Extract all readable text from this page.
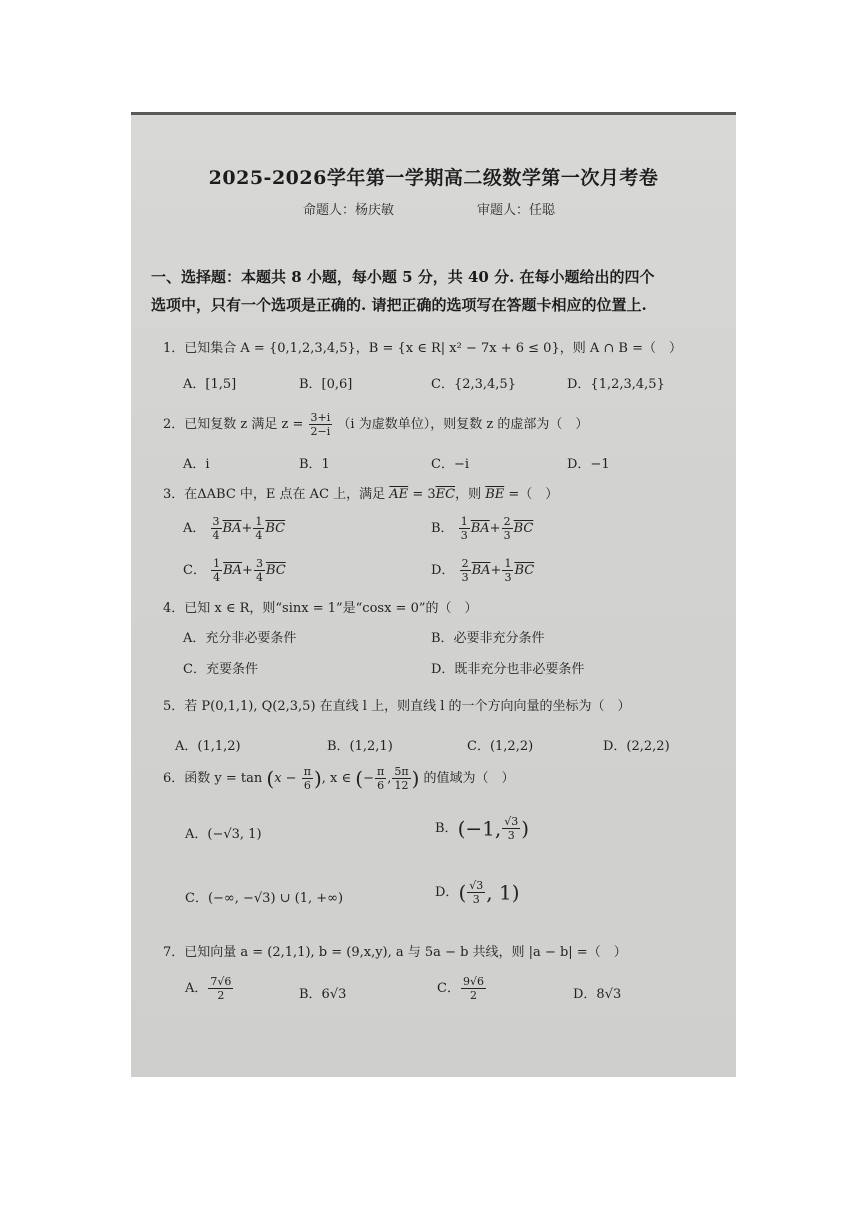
2025-2026学年第一学期高二级数学第一次月考卷
命题人：杨庆敏	审题人：任聪
一、选择题：本题共 8 小题，每小题 5 分，共 40 分. 在每小题给出的四个
选项中，只有一个选项是正确的. 请把正确的选项写在答题卡相应的位置上.
1．已知集合 A = {0,1,2,3,4,5}，B = {x ∈ R| x² − 7x + 6 ≤ 0}，则 A ∩ B =（　）
A．[1,5]	B．[0,6]	C．{2,3,4,5}	D．{1,2,3,4,5}
2．已知复数 z 满足 $z = \frac{3+i}{2-i} (i$ 为虚数单位），则复数 z 的虚部为（　）
A．i	B．1	C．−i	D．−1
3．在ΔABC 中，E 点在 AC 上，满足 $\overline{AE} = 3\overline{EC}$，则 $\overline{BE}$ =（　）
A． $\frac{3}{4} \overline{BA}+ \frac{1}{4} \overline{BC}$	B． $\frac{1}{3} \overline{BA}+ \frac{2}{3} \overline{BC}$
C． $\frac{1}{4} \overline{BA}+ \frac{3}{4} \overline{BC}$	D． $\frac{2}{3} \overline{BA}+ \frac{1}{3} \overline{BC}$
4．已知 x ∈ R，则“sinx = 1”是“cosx = 0”的（　）
A．充分非必要条件	B．必要非充分条件
C．充要条件	D．既非充分也非必要条件
5．若 P(0,1,1), Q(2,3,5) 在直线 l 上，则直线 l 的一个方向向量的坐标为（　）
A．(1,1,2)	B．(1,2,1)	C．(1,2,2)	D．(2,2,2)
6．函数 $y = \tan (x - \frac{\pi}{6}$ ), x ∈ (− $\frac{\pi}{6}$ , $\frac{5\pi}{12}$ ) 的值域为（　）
A．(−√3, 1)	B．(−1, $\frac{√3}{3}$ )
C．(−∞, −√3) ∪ (1, +∞)	D．( $\frac{√3}{3}$ , 1)
7．已知向量 a = (2,1,1), b = (9,x,y), a 与 5a − b 共线，则 |a − b| =（　）
A． $\frac{7√6}{2}$	B．6√3	C． $\frac{9√6}{2}$	D．8√3
